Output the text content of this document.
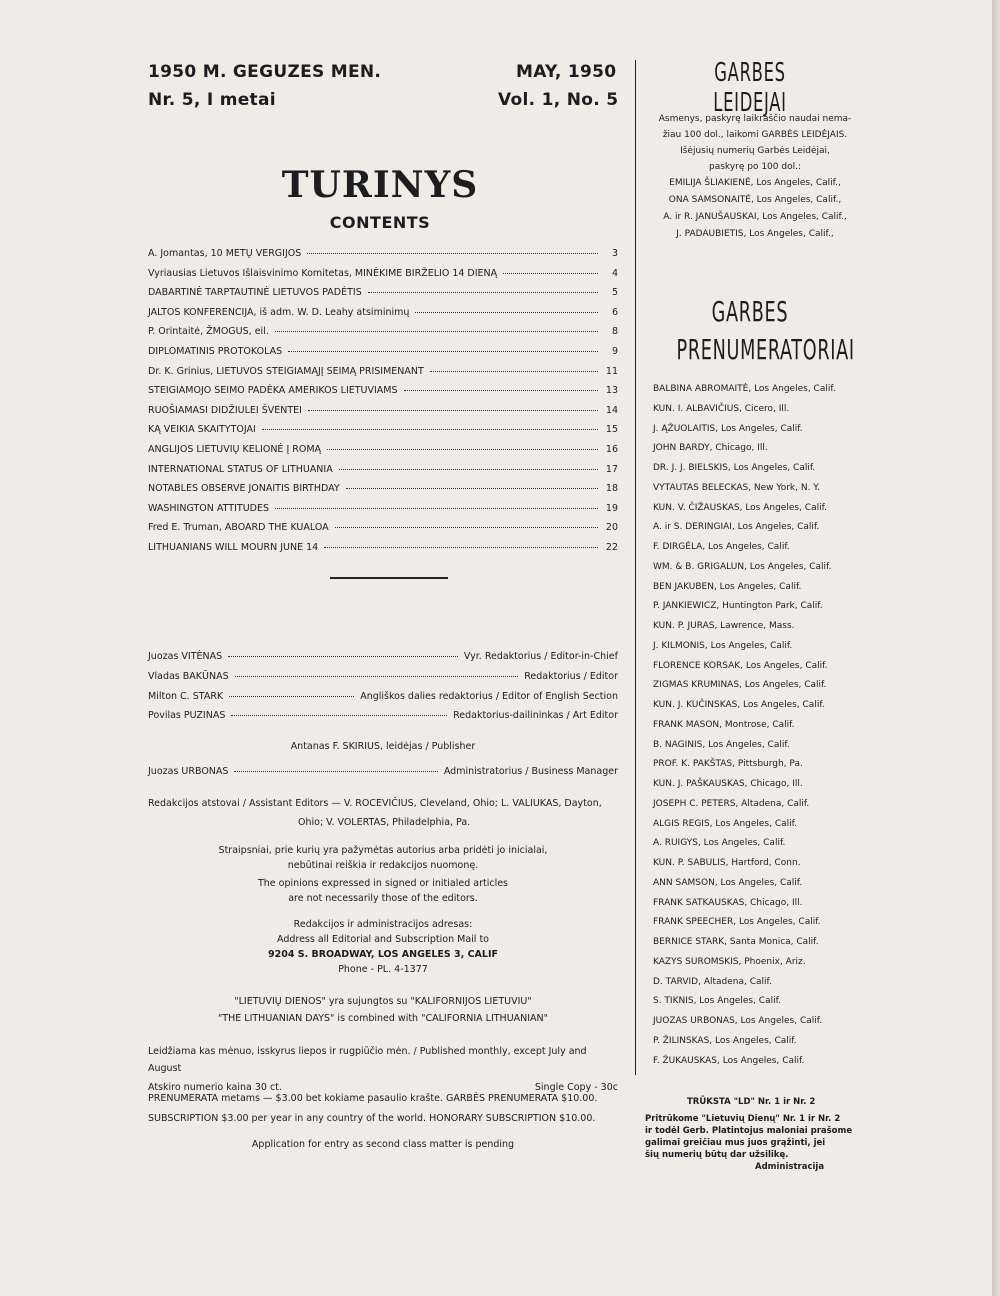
1950 M. GEGUZES MEN.
Nr. 5, I metai
MAY, 1950
Vol. 1, No. 5
TURINYS
CONTENTS
A. Jomantas, 10 METŲ VERGIJOS	3
Vyriausias Lietuvos Išlaisvinimo Komitetas, MINĖKIME BIRŽELIO 14 DIENĄ	4
DABARTINĖ TARPTAUTINĖ LIETUVOS PADĖTIS	5
JALTOS KONFERENCIJA, iš adm. W. D. Leahy atsiminimų	6
P. Orintaitė, ŽMOGUS, eil.	8
DIPLOMATINIS PROTOKOLAS	9
Dr. K. Grinius, LIETUVOS STEIGIAMĄJĮ SEIMĄ PRISIMENANT	11
STEIGIAMOJO SEIMO PADĖKA AMERIKOS LIETUVIAMS	13
RUOŠIAMASI DIDŽIULEI ŠVENTEI	14
KĄ VEIKIA SKAITYTOJAI	15
ANGLIJOS LIETUVIŲ KELIONĖ Į ROMĄ	16
INTERNATIONAL STATUS OF LITHUANIA	17
NOTABLES OBSERVE JONAITIS BIRTHDAY	18
WASHINGTON ATTITUDES	19
Fred E. Truman, ABOARD THE KUALOA	20
LITHUANIANS WILL MOURN JUNE 14	22
Juozas VITĖNAS	Vyr. Redaktorius / Editor-in-Chief
Vladas BAKŪNAS	Redaktorius / Editor
Milton C. STARK	Angliškos dalies redaktorius / Editor of English Section
Povilas PUZINAS	Redaktorius-dailininkas / Art Editor
Antanas F. SKIRIUS, leidėjas / Publisher
Juozas URBONAS	Administratorius / Business Manager
Redakcijos atstovai / Assistant Editors — V. ROCEVIČIUS, Cleveland, Ohio; L. VALIUKAS, Dayton,
Ohio; V. VOLERTAS, Philadelphia, Pa.
Straipsniai, prie kurių yra pažymėtas autorius arba pridėti jo inicialai,
nebūtinai reiškia ir redakcijos nuomonę.
The opinions expressed in signed or initialed articles
are not necessarily those of the editors.
Redakcijos ir administracijos adresas:
Address all Editorial and Subscription Mail to
9204 S. BROADWAY, LOS ANGELES 3, CALIF
Phone - PL. 4-1377
"LIETUVIŲ DIENOS" yra sujungtos su "KALIFORNIJOS LIETUVIU"
"THE LITHUANIAN DAYS" is combined with "CALIFORNIA LITHUANIAN"
Leidžiama kas mėnuo, isskyrus liepos ir rugpiūčio mėn. / Published monthly, except July and August
Atskiro numerio kaina 30 ct.	Single Copy - 30c
PRENUMERATA metams — $3.00 bet kokiame pasaulio krašte. GARBĖS PRENUMERATA $10.00.
SUBSCRIPTION $3.00 per year in any country of the world. HONORARY SUBSCRIPTION $10.00.
Application for entry as second class matter is pending
GARBES LEIDEJAI
Asmenys, paskyrę laikraščio naudai nema-
žiau 100 dol., laikomi GARBĖS LEIDĖJAIS.
Išėjusių numerių Garbės Leidėjai,
paskyrę po 100 dol.:
EMILIJA ŠLIAKIENĖ, Los Angeles, Calif.,
ONA SAMSONAITĖ, Los Angeles, Calif.,
A. ir R. JANUŠAUSKAI, Los Angeles, Calif.,
J. PADAUBIETIS, Los Angeles, Calif.,
GARBES
PRENUMERATORIAI
BALBINA ABROMAITĖ, Los Angeles, Calif.
KUN. I. ALBAVIČIUS, Cicero, Ill.
J. ĄŽUOLAITIS, Los Angeles, Calif.
JOHN BARDY, Chicago, Ill.
DR. J. J. BIELSKIS, Los Angeles, Calif.
VYTAUTAS BELECKAS, New York, N. Y.
KUN. V. ČIŽAUSKAS, Los Angeles, Calif.
A. ir S. DERINGIAI, Los Angeles, Calif.
F. DIRGĖLA, Los Angeles, Calif.
WM. & B. GRIGALUN, Los Angeles, Calif.
BEN JAKUBEN, Los Angeles, Calif.
P. JANKIEWICZ, Huntington Park, Calif.
KUN. P. JURAS, Lawrence, Mass.
J. KILMONIS, Los Angeles, Calif.
FLORENCE KORSAK, Los Angeles, Calif.
ZIGMAS KRUMINAS, Los Angeles, Calif.
KUN. J. KUČINSKAS, Los Angeles, Calif.
FRANK MASON, Montrose, Calif.
B. NAGINIS, Los Angeles, Calif.
PROF. K. PAKŠTAS, Pittsburgh, Pa.
KUN. J. PAŠKAUSKAS, Chicago, Ill.
JOSEPH C. PETERS, Altadena, Calif.
ALGIS REGIS, Los Angeles, Calif.
A. RUIGYS, Los Angeles, Calif.
KUN. P. SABULIS, Hartford, Conn.
ANN SAMSON, Los Angeles, Calif.
FRANK SATKAUSKAS, Chicago, Ill.
FRANK SPEECHER, Los Angeles, Calif.
BERNICE STARK, Santa Monica, Calif.
KAZYS SUROMSKIS, Phoenix, Ariz.
D. TARVID, Altadena, Calif.
S. TIKNIS, Los Angeles, Calif.
JUOZAS URBONAS, Los Angeles, Calif.
P. ŽILINSKAS, Los Angeles, Calif.
F. ŽUKAUSKAS, Los Angeles, Calif.
TRŪKSTA "LD" Nr. 1 ir Nr. 2
Pritrūkome "Lietuvių Dienų" Nr. 1 ir Nr. 2
ir todėl Gerb. Platintojus maloniai prašome
galimai greičiau mus juos grąžinti, jei
šių numerių būtų dar užsilikę.
Administracija
